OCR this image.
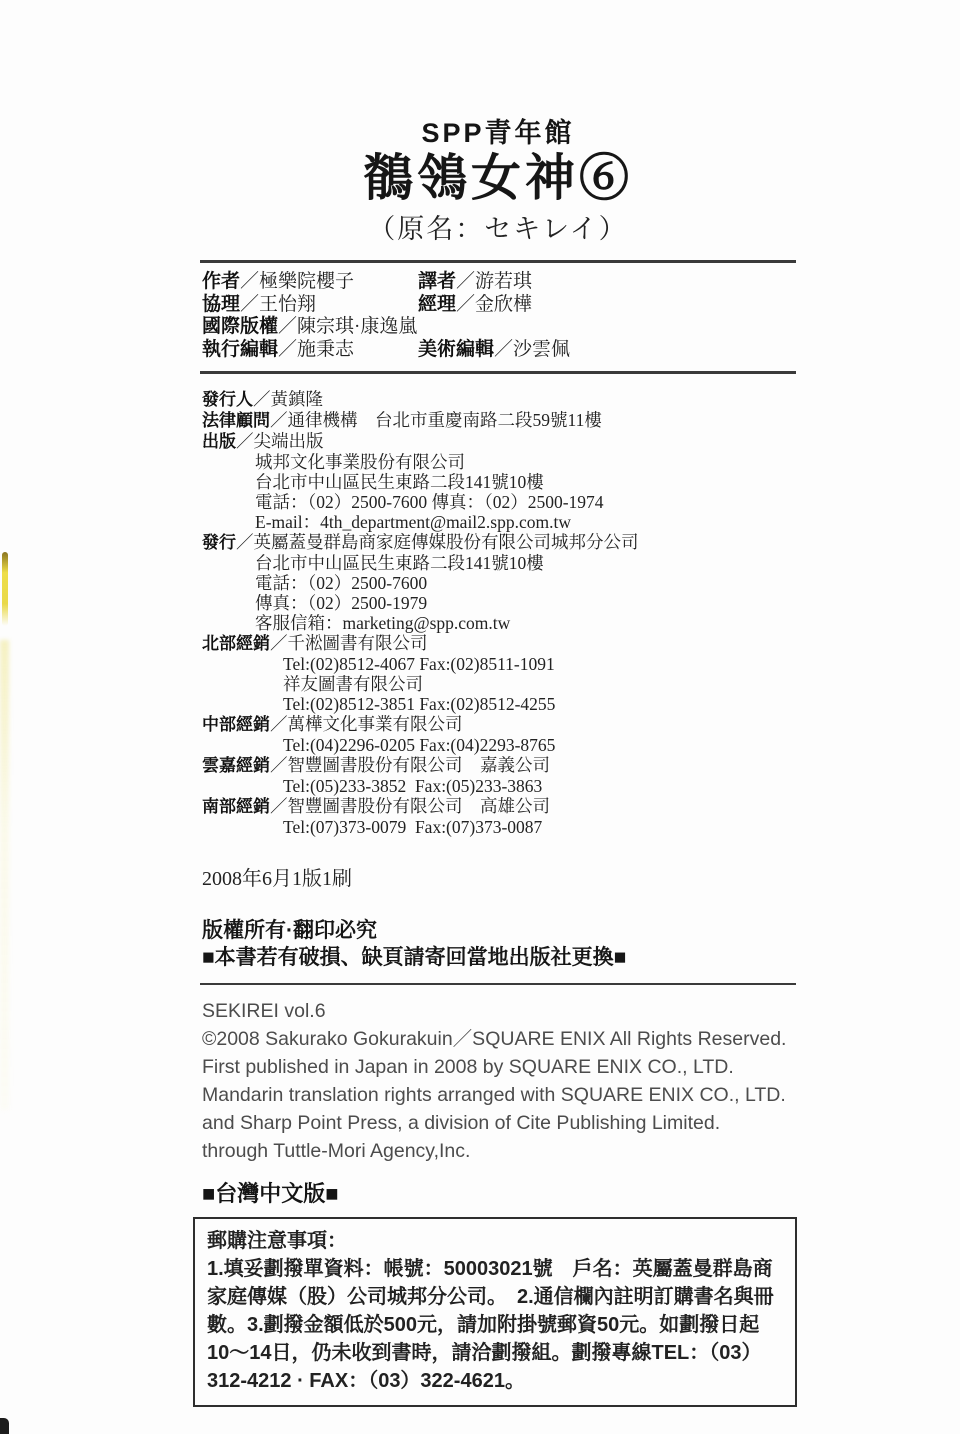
SPP青年館
鶺鴒女神⑥
（原名：セキレイ）
作者／極樂院櫻子	譯者／游若琪
協理／王怡翔	經理／金欣樺
國際版權／陳宗琪·康逸嵐
執行編輯／施秉志	美術編輯／沙雲佩
發行人／黃鎮隆
法律顧問／通律機構　台北市重慶南路二段59號11樓
出版／尖端出版
城邦文化事業股份有限公司
台北市中山區民生東路二段141號10樓
電話：（02）2500-7600 傳真：（02）2500-1974
E-mail：4th_department@mail2.spp.com.tw
發行／英屬蓋曼群島商家庭傳媒股份有限公司城邦分公司
台北市中山區民生東路二段141號10樓
電話：（02）2500-7600
傳真：（02）2500-1979
客服信箱：marketing@spp.com.tw
北部經銷／千淞圖書有限公司
Tel:(02)8512-4067 Fax:(02)8511-1091
祥友圖書有限公司
Tel:(02)8512-3851 Fax:(02)8512-4255
中部經銷／萬樺文化事業有限公司
Tel:(04)2296-0205 Fax:(04)2293-8765
雲嘉經銷／智豐圖書股份有限公司　嘉義公司
Tel:(05)233-3852  Fax:(05)233-3863
南部經銷／智豐圖書股份有限公司　高雄公司
Tel:(07)373-0079  Fax:(07)373-0087
2008年6月1版1刷
版權所有·翻印必究
■本書若有破損、缺頁請寄回當地出版社更換■
SEKIREI vol.6
©2008 Sakurako Gokurakuin／SQUARE ENIX All Rights Reserved.
First published in Japan in 2008 by SQUARE ENIX CO., LTD.
Mandarin translation rights arranged with SQUARE ENIX CO., LTD.
and Sharp Point Press, a division of Cite Publishing Limited.
through Tuttle-Mori Agency,Inc.
■台灣中文版■
郵購注意事項：
1.填妥劃撥單資料：帳號：50003021號　戶名：英屬蓋曼群島商
家庭傳媒（股）公司城邦分公司。　2.通信欄內註明訂購書名與冊
數。3.劃撥金額低於500元，請加附掛號郵資50元。如劃撥日起
10～14日，仍未收到書時，請洽劃撥組。劃撥專線TEL：（03）
312-4212 · FAX：（03）322-4621。
